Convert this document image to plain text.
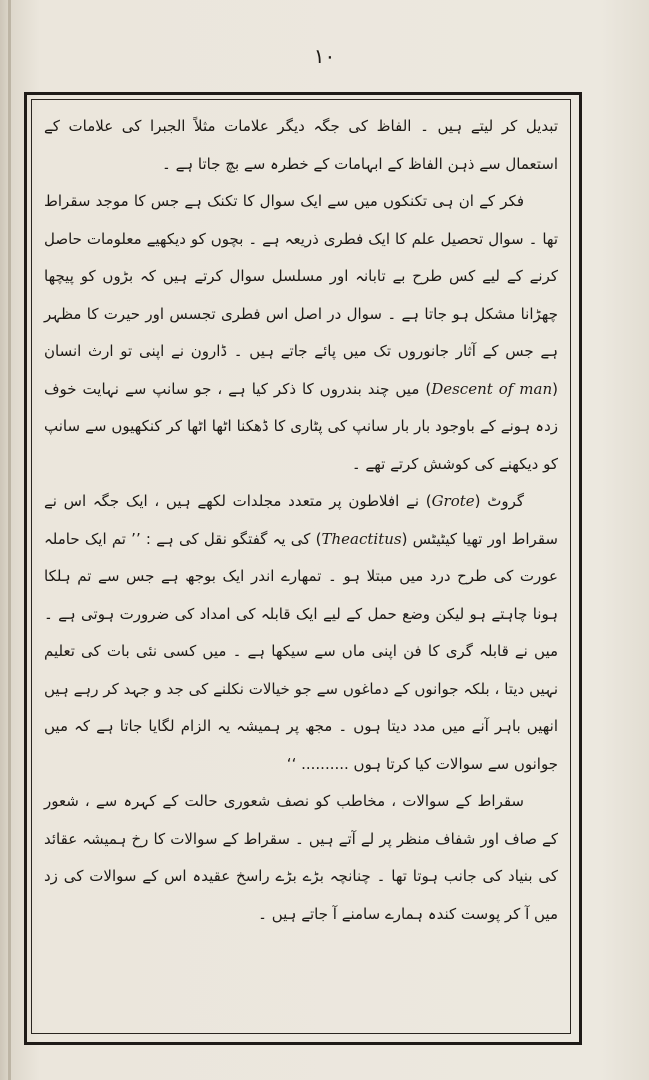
١٠

تبدیل کر لیتے ہیں ۔ الفاظ کی جگہ دیگر علامات مثلاً الجبرا کی علامات کے استعمال سے ذہن الفاظ کے ابہامات کے خطرہ سے بچ جاتا ہے ۔

فکر کے ان ہی تکنکوں میں سے ایک سوال کا تکنک ہے جس کا موجد سقراط تھا ۔ سوال تحصیل علم کا ایک فطری ذریعہ ہے ۔ بچوں کو دیکھیے معلومات حاصل کرنے کے لیے کس طرح بے تابانہ اور مسلسل سوال کرتے ہیں کہ بڑوں کو پیچھا چھڑانا مشکل ہو جاتا ہے ۔ سوال در اصل اس فطری تجسس اور حیرت کا مظہر ہے جس کے آثار جانوروں تک میں پائے جاتے ہیں ۔ ڈارون نے اپنی تو ارث انسان (Descent of man) میں چند بندروں کا ذکر کیا ہے ، جو سانپ سے نہایت خوف زدہ ہونے کے باوجود بار بار سانپ کی پٹاری کا ڈھکنا اٹھا اٹھا کر کنکھیوں سے سانپ کو دیکھنے کی کوشش کرتے تھے ۔

گروٹ (Grote) نے افلاطون پر متعدد مجلدات لکھے ہیں ، ایک جگہ اس نے سقراط اور تھیا کیٹیٹس (Theactitus) کی یہ گفتگو نقل کی ہے : ’’ تم ایک حاملہ عورت کی طرح درد میں مبتلا ہو ۔ تمھارے اندر ایک بوجھ ہے جس سے تم ہلکا ہونا چاہتے ہو لیکن وضع حمل کے لیے ایک قابلہ کی امداد کی ضرورت ہوتی ہے ۔ میں نے قابلہ گری کا فن اپنی ماں سے سیکھا ہے ۔ میں کسی نئی بات کی تعلیم نہیں دیتا ، بلکہ جوانوں کے دماغوں سے جو خیالات نکلنے کی جد و جہد کر رہے ہیں انھیں باہر آنے میں مدد دیتا ہوں ۔ مجھ پر ہمیشہ یہ الزام لگایا جاتا ہے کہ میں جوانوں سے سوالات کیا کرتا ہوں .......... ‘‘

سقراط کے سوالات ، مخاطب کو نصف شعوری حالت کے کہرہ سے ، شعور کے صاف اور شفاف منظر پر لے آتے ہیں ۔ سقراط کے سوالات کا رخ ہمیشہ عقائد کی بنیاد کی جانب ہوتا تھا ۔ چنانچہ بڑے بڑے راسخ عقیدہ اس کے سوالات کی زد میں آ کر پوست کندہ ہمارے سامنے آ جاتے ہیں ۔
